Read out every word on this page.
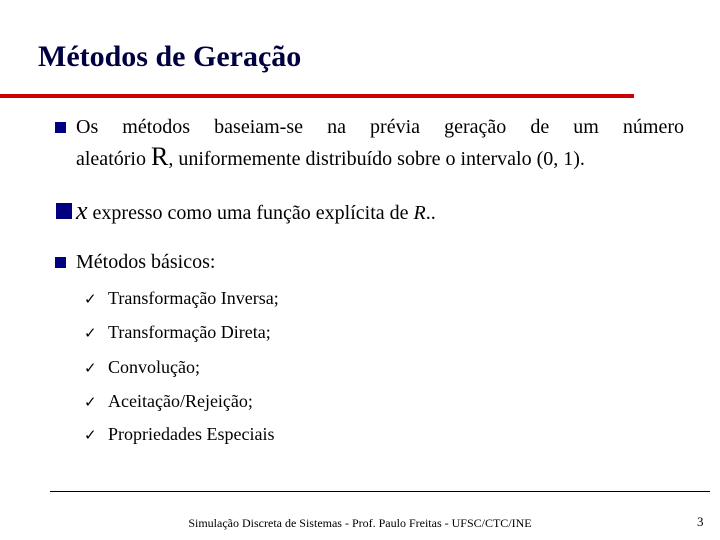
Métodos de Geração
Os métodos baseiam-se na prévia geração de um número
aleatório R, uniformemente distribuído sobre o intervalo (0, 1).
x expresso como uma função explícita de R..
Métodos básicos:
✓ Transformação Inversa;
✓ Transformação Direta;
✓ Convolução;
✓ Aceitação/Rejeição;
✓ Propriedades Especiais
Simulação Discreta de Sistemas - Prof. Paulo Freitas - UFSC/CTC/INE	3
